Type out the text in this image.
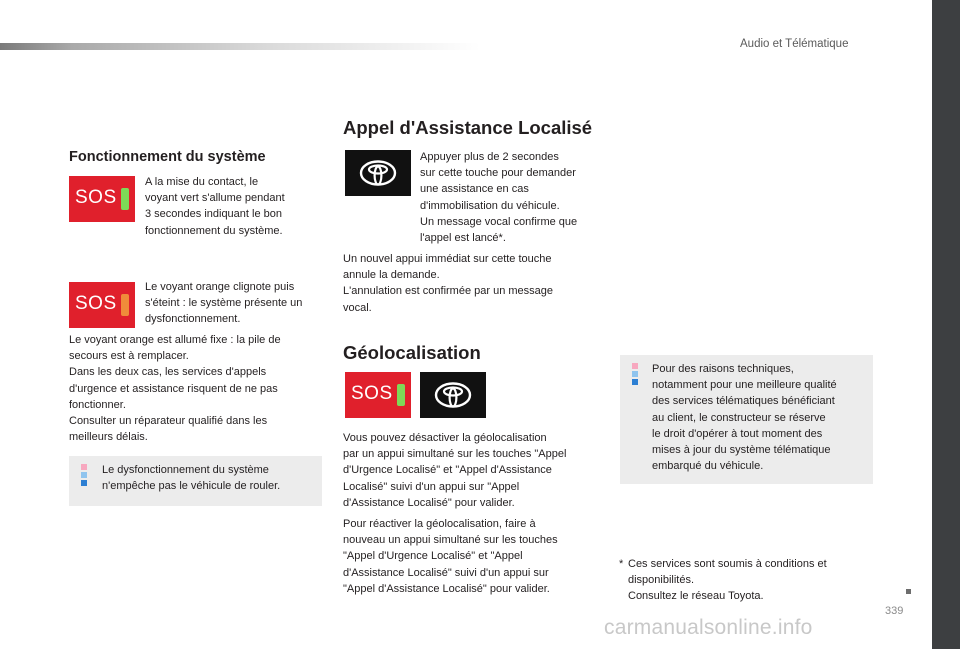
Audio et Télématique
339
Fonctionnement du système
SOS
A la mise du contact, le
voyant vert s'allume pendant
3 secondes indiquant le bon
fonctionnement du système.
SOS
Le voyant orange clignote puis
s'éteint : le système présente un
dysfonctionnement.
Le voyant orange est allumé fixe : la pile de
secours est à remplacer.
Dans les deux cas, les services d'appels
d'urgence et assistance risquent de ne pas
fonctionner.
Consulter un réparateur qualifié dans les
meilleurs délais.
Le dysfonctionnement du système
n'empêche pas le véhicule de rouler.
Appel d'Assistance Localisé
Appuyer plus de 2 secondes
sur cette touche pour demander
une assistance en cas
d'immobilisation du véhicule.
Un message vocal confirme que
l'appel est lancé*.
Un nouvel appui immédiat sur cette touche
annule la demande.
L'annulation est confirmée par un message
vocal.
Géolocalisation
SOS
Vous pouvez désactiver la géolocalisation
par un appui simultané sur les touches "Appel
d'Urgence Localisé" et "Appel d'Assistance
Localisé" suivi d'un appui sur "Appel
d'Assistance Localisé" pour valider.
Pour réactiver la géolocalisation, faire à
nouveau un appui simultané sur les touches
"Appel d'Urgence Localisé" et "Appel
d'Assistance Localisé" suivi d'un appui sur
"Appel d'Assistance Localisé" pour valider.
Pour des raisons techniques,
notamment pour une meilleure qualité
des services télématiques bénéficiant
au client, le constructeur se réserve
le droit d'opérer à tout moment des
mises à jour du système télématique
embarqué du véhicule.
* Ces services sont soumis à conditions et
disponibilités.
Consultez le réseau Toyota.
carmanualsonline.info
